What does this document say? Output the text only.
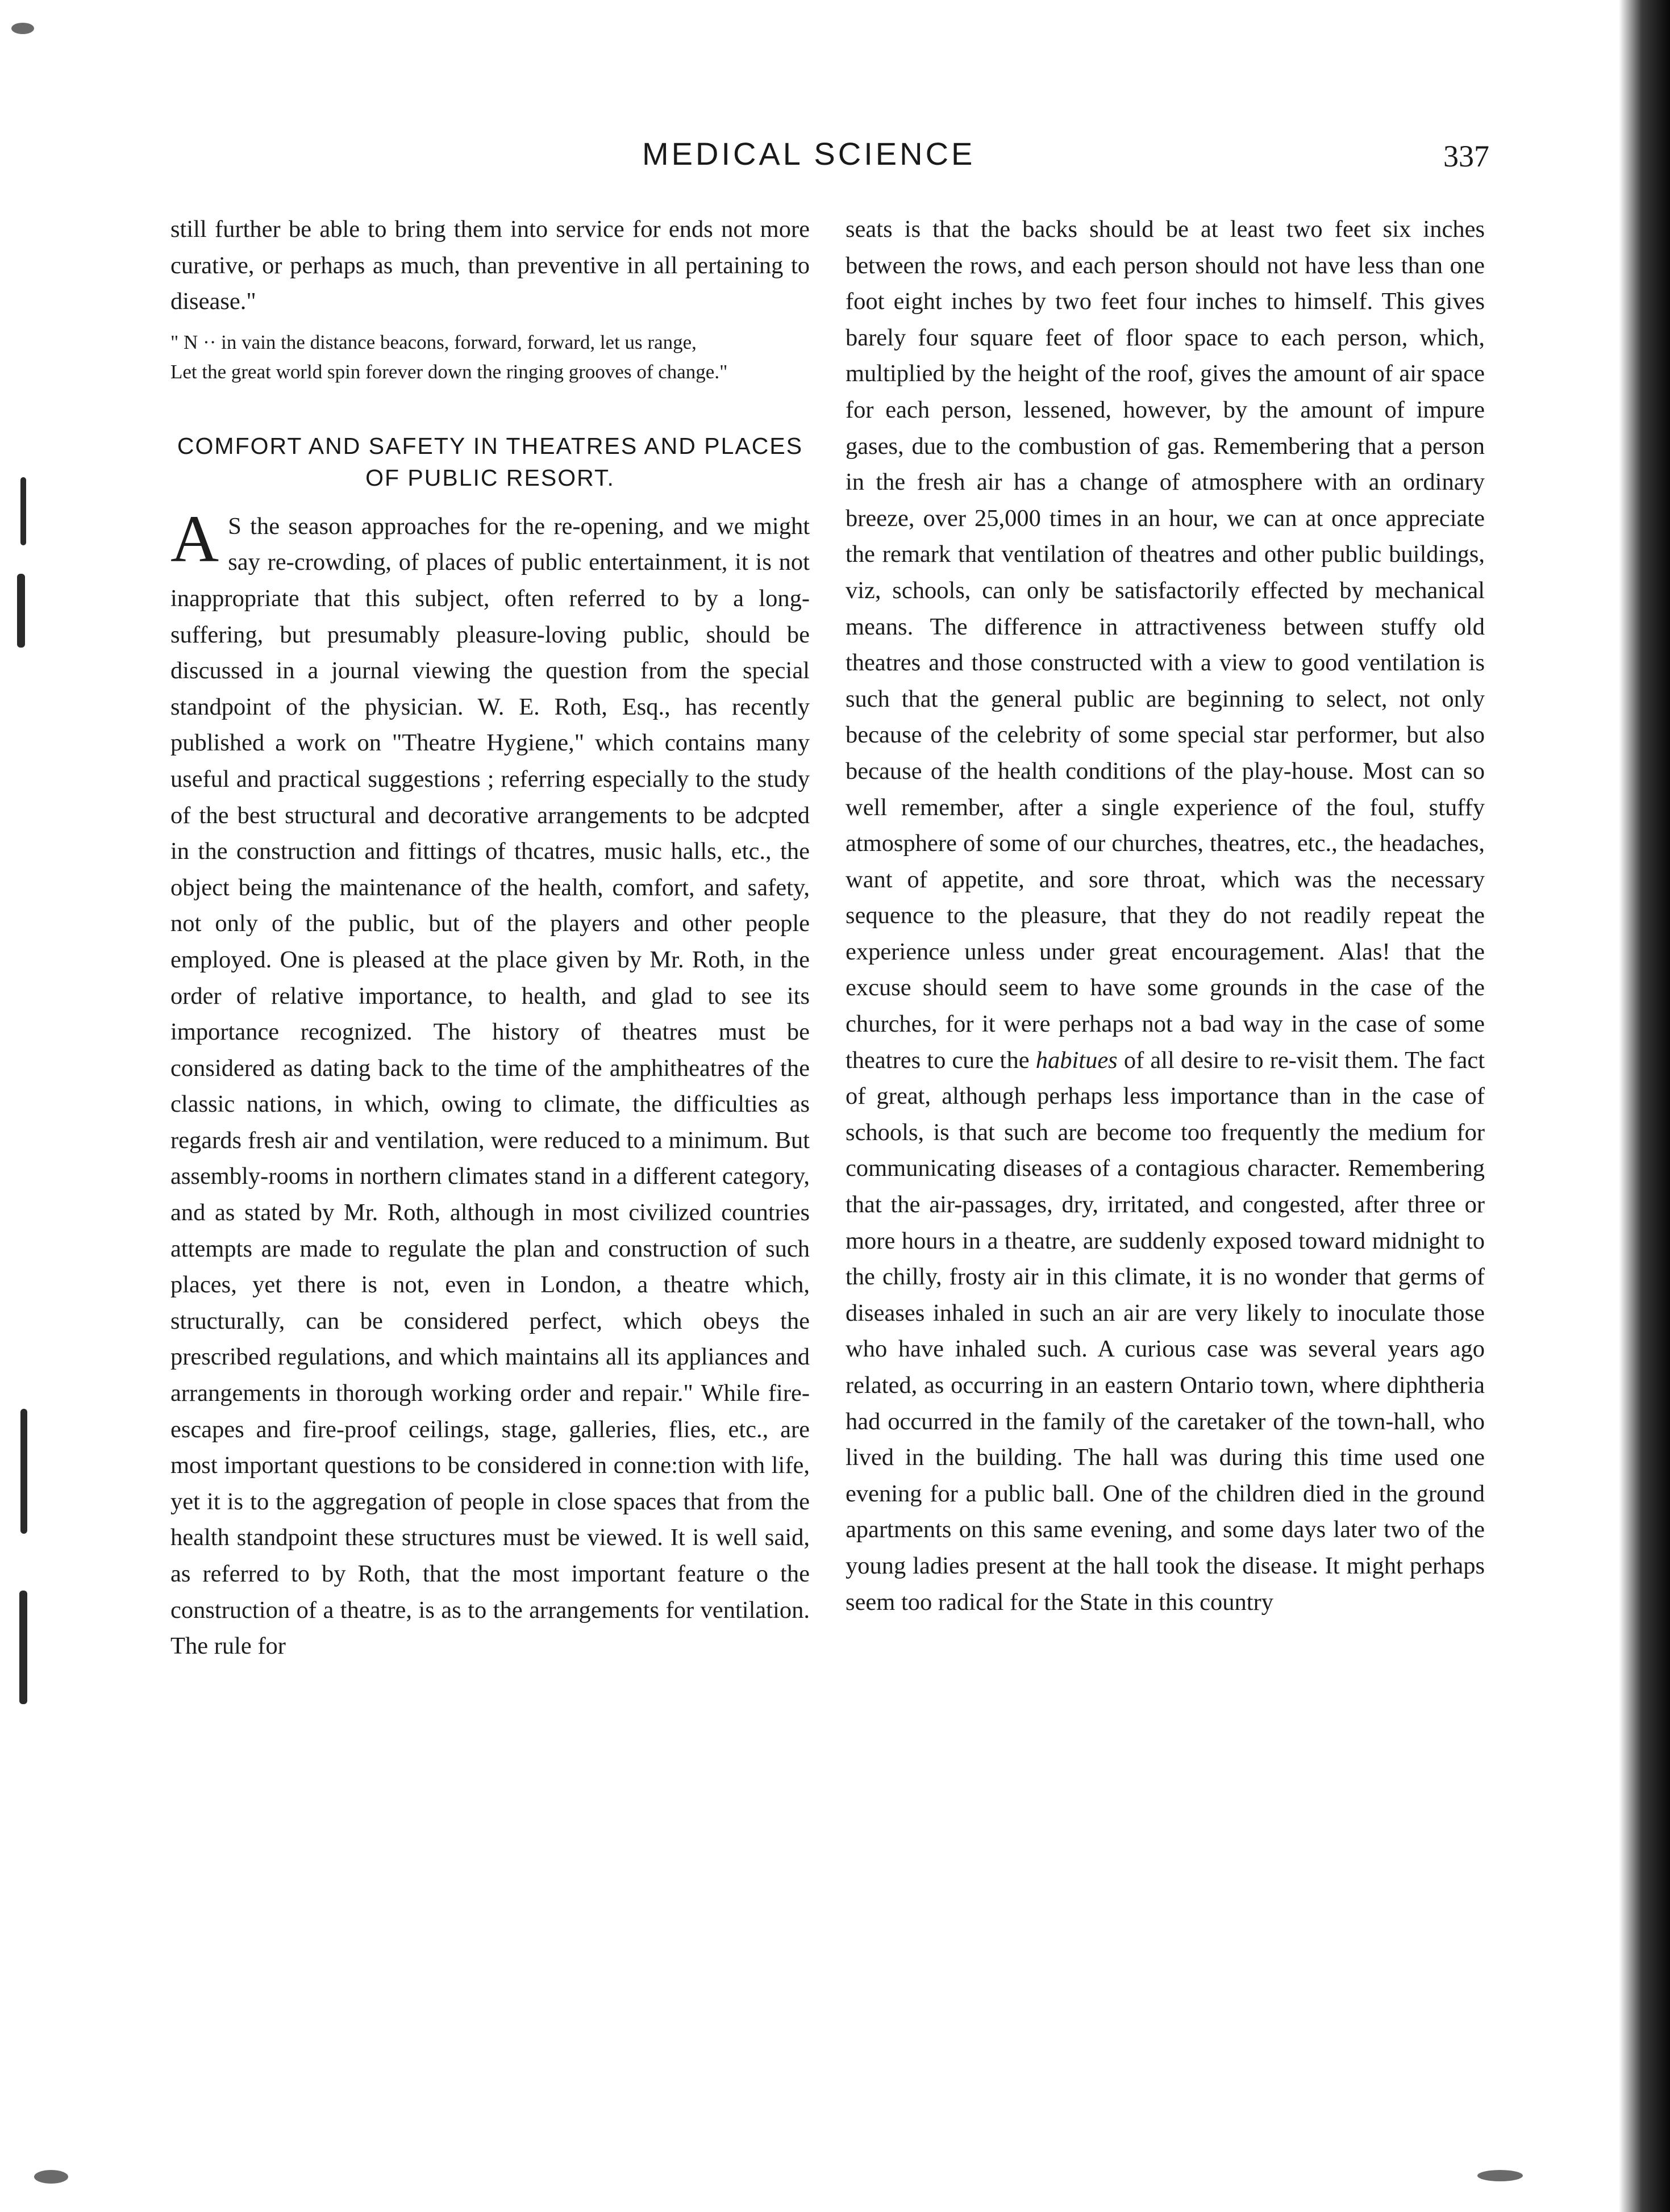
MEDICAL SCIENCE	337

still further be able to bring them into service for ends not more curative, or perhaps as much, than preventive in all pertaining to disease."

" N ·· in vain the distance beacons, forward, forward, let us range,

Let the great world spin forever down the ringing grooves of change."

COMFORT AND SAFETY IN THEATRES AND PLACES OF PUBLIC RESORT.

A S the season approaches for the re-opening, and we might say re-crowding, of places of public entertainment, it is not inappropriate that this subject, often referred to by a long-suffering, but presumably pleasure-loving public, should be discussed in a journal viewing the question from the special standpoint of the physician. W. E. Roth, Esq., has recently published a work on "Theatre Hygiene," which contains many useful and practical suggestions ; referring especially to the study of the best structural and decorative arrangements to be adcpted in the construction and fittings of thcatres, music halls, etc., the object being the maintenance of the health, comfort, and safety, not only of the public, but of the players and other people employed. One is pleased at the place given by Mr. Roth, in the order of relative importance, to health, and glad to see its importance recognized. The history of theatres must be considered as dating back to the time of the amphitheatres of the classic nations, in which, owing to climate, the difficulties as regards fresh air and ventilation, were reduced to a minimum. But assembly-rooms in northern climates stand in a different category, and as stated by Mr. Roth, although in most civilized countries attempts are made to regulate the plan and construction of such places, yet there is not, even in London, a theatre which, structurally, can be considered perfect, which obeys the prescribed regulations, and which maintains all its appliances and arrangements in thorough working order and repair." While fire-escapes and fire-proof ceilings, stage, galleries, flies, etc., are most important questions to be considered in conne:tion with life, yet it is to the aggregation of people in close spaces that from the health standpoint these structures must be viewed. It is well said, as referred to by Roth, that the most important feature o the construction of a theatre, is as to the arrangements for ventilation. The rule for

seats is that the backs should be at least two feet six inches between the rows, and each person should not have less than one foot eight inches by two feet four inches to himself. This gives barely four square feet of floor space to each person, which, multiplied by the height of the roof, gives the amount of air space for each person, lessened, however, by the amount of impure gases, due to the combustion of gas. Remembering that a person in the fresh air has a change of atmosphere with an ordinary breeze, over 25,000 times in an hour, we can at once appreciate the remark that ventilation of theatres and other public buildings, viz, schools, can only be satisfactorily effected by mechanical means. The difference in attractiveness between stuffy old theatres and those constructed with a view to good ventilation is such that the general public are beginning to select, not only because of the celebrity of some special star performer, but also because of the health conditions of the play-house. Most can so well remember, after a single experience of the foul, stuffy atmosphere of some of our churches, theatres, etc., the headaches, want of appetite, and sore throat, which was the necessary sequence to the pleasure, that they do not readily repeat the experience unless under great encouragement. Alas! that the excuse should seem to have some grounds in the case of the churches, for it were perhaps not a bad way in the case of some theatres to cure the habitues of all desire to re-visit them. The fact of great, although perhaps less importance than in the case of schools, is that such are become too frequently the medium for communicating diseases of a contagious character. Remembering that the air-passages, dry, irritated, and congested, after three or more hours in a theatre, are suddenly exposed toward midnight to the chilly, frosty air in this climate, it is no wonder that germs of diseases inhaled in such an air are very likely to inoculate those who have inhaled such. A curious case was several years ago related, as occurring in an eastern Ontario town, where diphtheria had occurred in the family of the caretaker of the town-hall, who lived in the building. The hall was during this time used one evening for a public ball. One of the children died in the ground apartments on this same evening, and some days later two of the young ladies present at the hall took the disease. It might perhaps seem too radical for the State in this country
